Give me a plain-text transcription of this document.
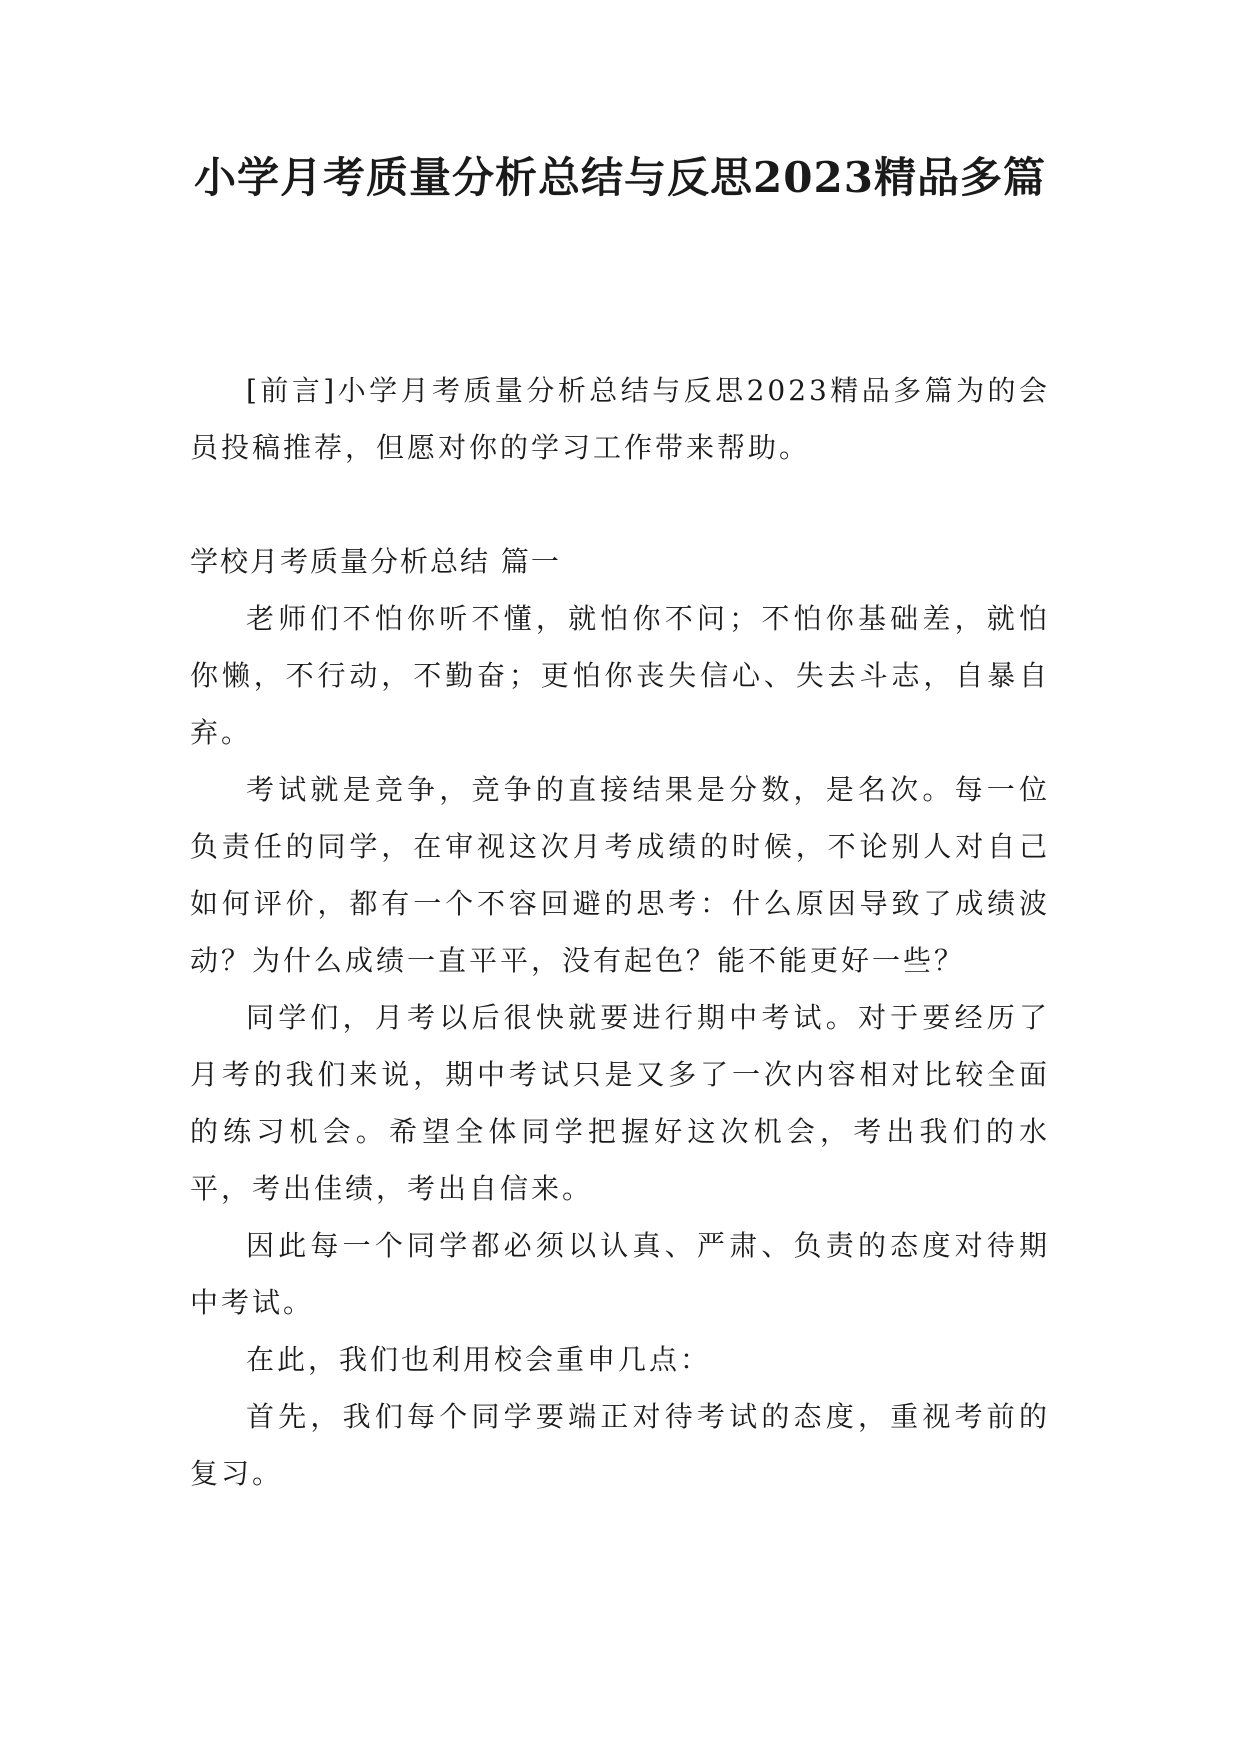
小学月考质量分析总结与反思2023精品多篇

[前言]小学月考质量分析总结与反思2023精品多篇为的会员投稿推荐，但愿对你的学习工作带来帮助。

学校月考质量分析总结 篇一

老师们不怕你听不懂，就怕你不问；不怕你基础差，就怕你懒，不行动，不勤奋；更怕你丧失信心、失去斗志，自暴自弃。

考试就是竞争，竞争的直接结果是分数，是名次。每一位负责任的同学，在审视这次月考成绩的时候，不论别人对自己如何评价，都有一个不容回避的思考：什么原因导致了成绩波动？为什么成绩一直平平，没有起色？能不能更好一些？

同学们，月考以后很快就要进行期中考试。对于要经历了月考的我们来说，期中考试只是又多了一次内容相对比较全面的练习机会。希望全体同学把握好这次机会，考出我们的水平，考出佳绩，考出自信来。

因此每一个同学都必须以认真、严肃、负责的态度对待期中考试。

在此，我们也利用校会重申几点：

首先，我们每个同学要端正对待考试的态度，重视考前的复习。
